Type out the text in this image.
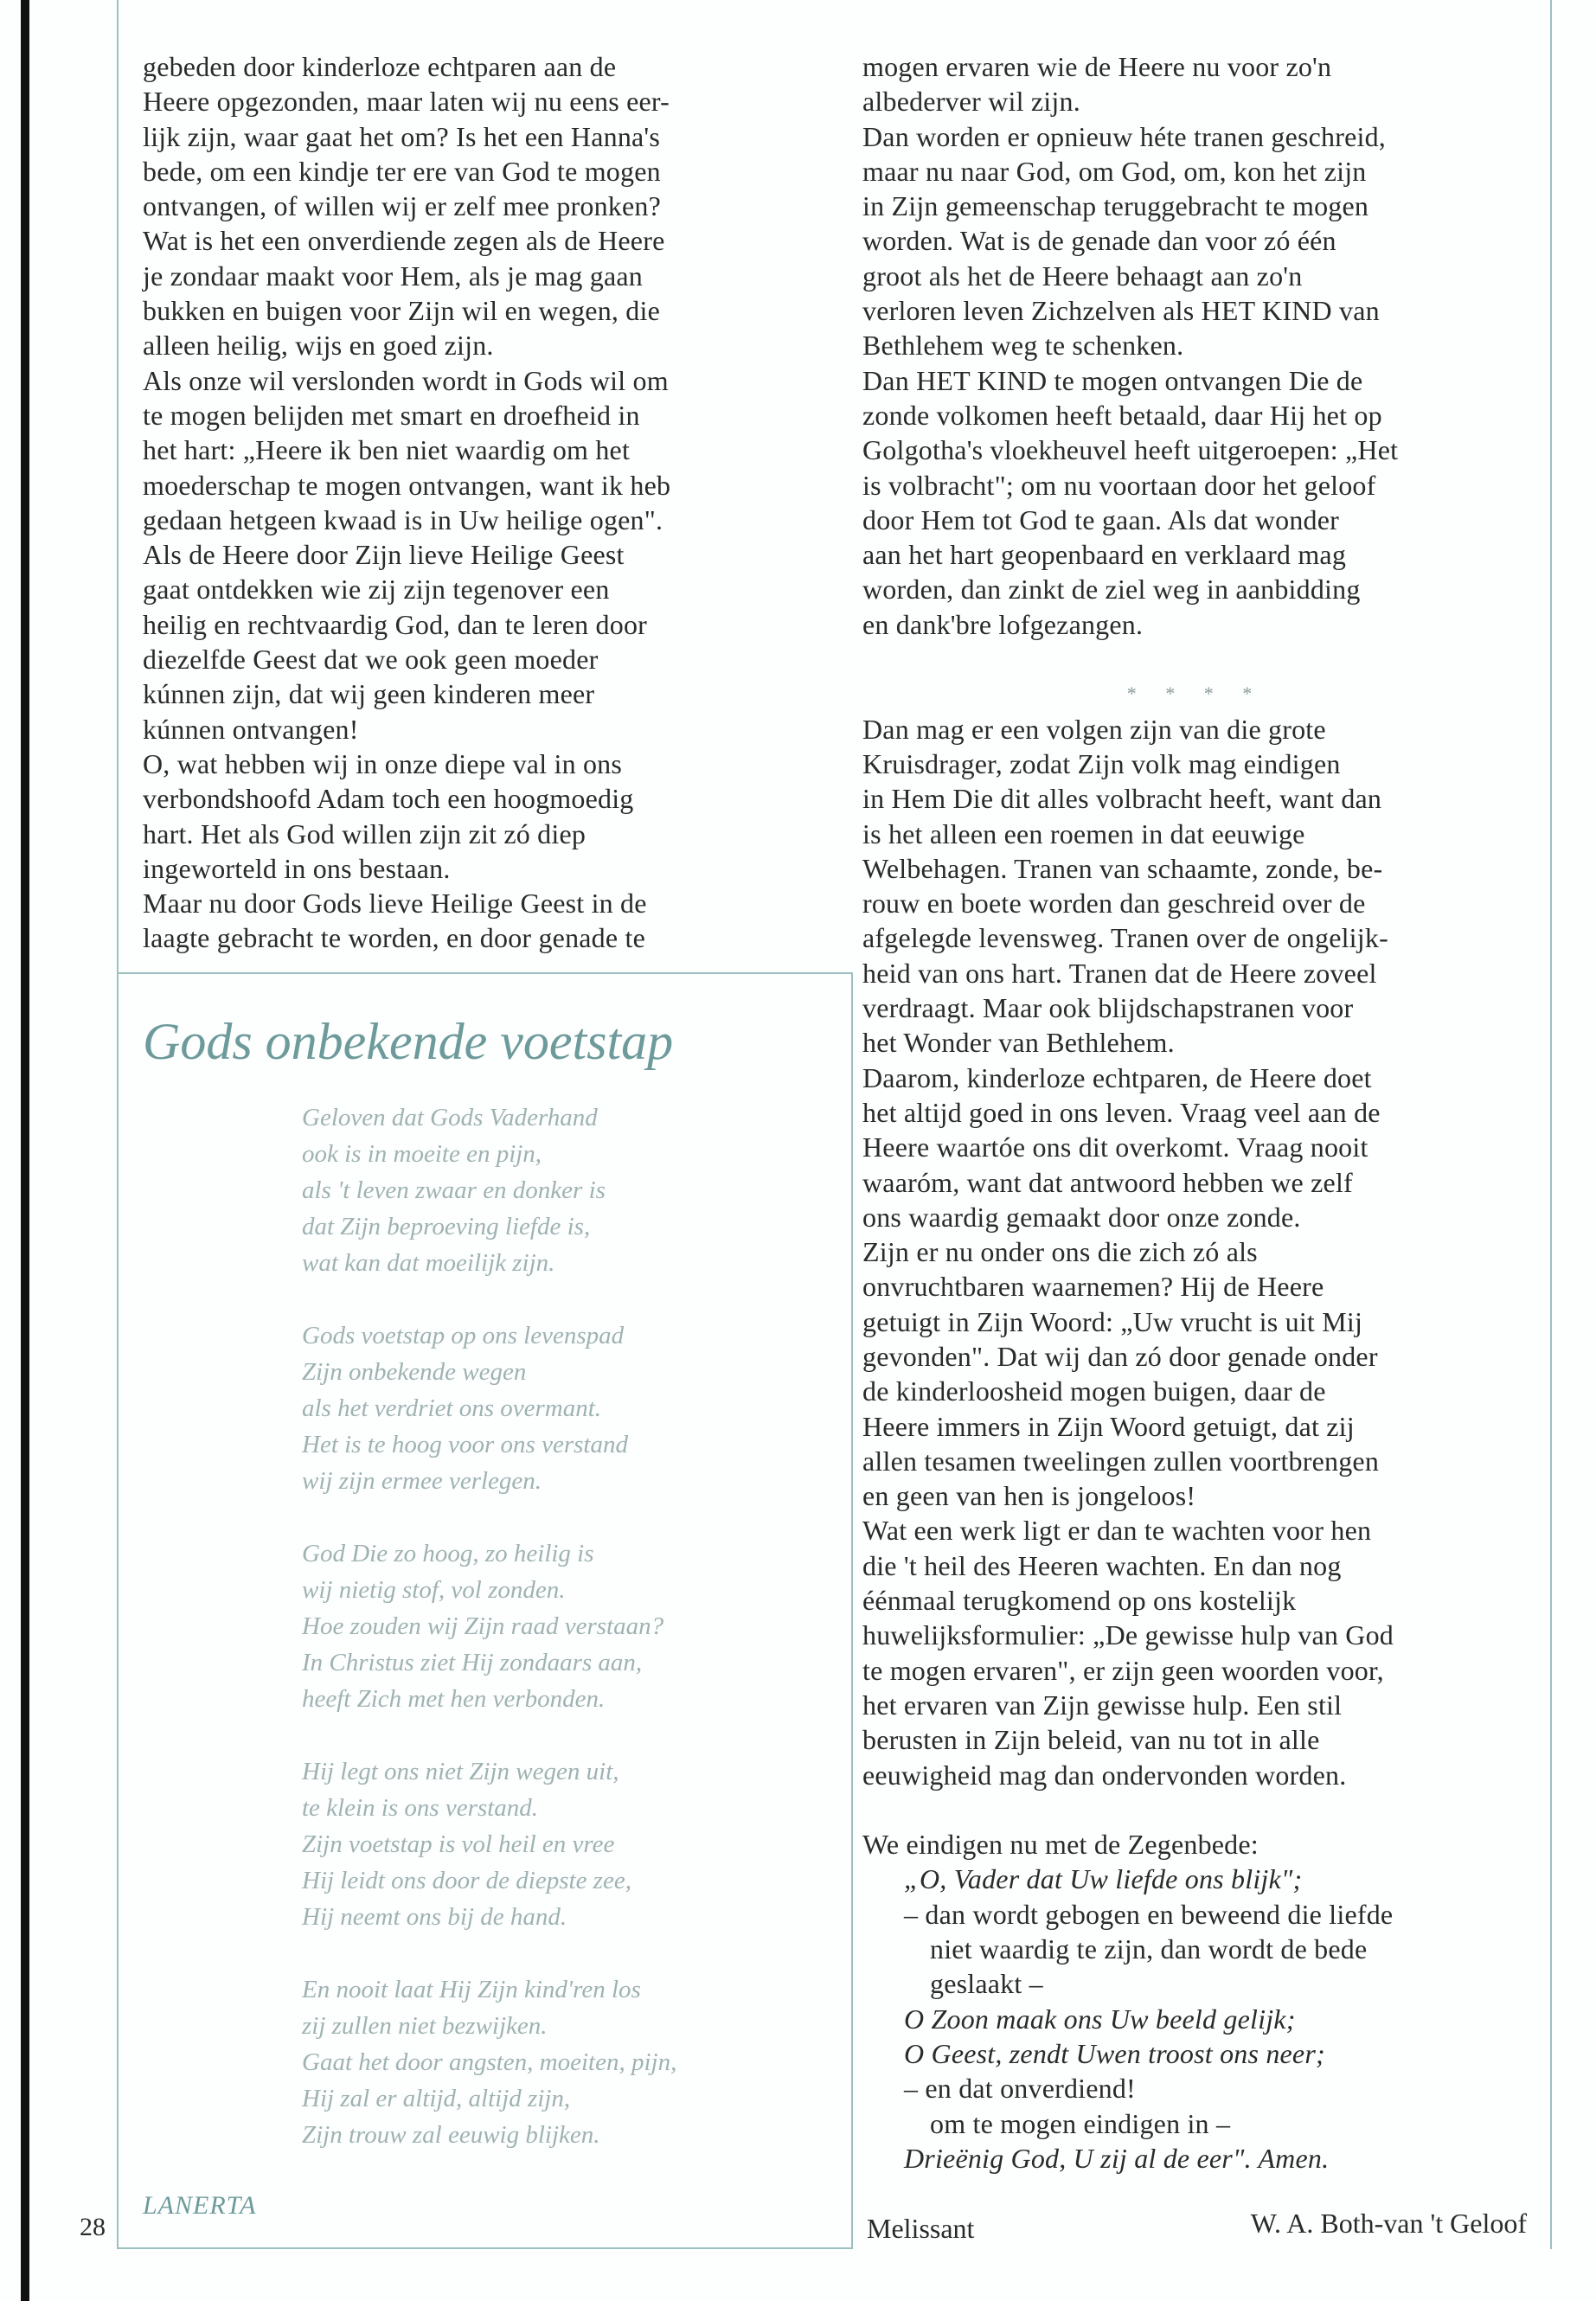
gebeden door kinderloze echtparen aan de
Heere opgezonden, maar laten wij nu eens eer-
lijk zijn, waar gaat het om? Is het een Hanna's
bede, om een kindje ter ere van God te mogen
ontvangen, of willen wij er zelf mee pronken?
Wat is het een onverdiende zegen als de Heere
je zondaar maakt voor Hem, als je mag gaan
bukken en buigen voor Zijn wil en wegen, die
alleen heilig, wijs en goed zijn.
Als onze wil verslonden wordt in Gods wil om
te mogen belijden met smart en droefheid in
het hart: „Heere ik ben niet waardig om het
moederschap te mogen ontvangen, want ik heb
gedaan hetgeen kwaad is in Uw heilige ogen".
Als de Heere door Zijn lieve Heilige Geest
gaat ontdekken wie zij zijn tegenover een
heilig en rechtvaardig God, dan te leren door
diezelfde Geest dat we ook geen moeder
kúnnen zijn, dat wij geen kinderen meer
kúnnen ontvangen!
O, wat hebben wij in onze diepe val in ons
verbondshoofd Adam toch een hoogmoedig
hart. Het als God willen zijn zit zó diep
ingeworteld in ons bestaan.
Maar nu door Gods lieve Heilige Geest in de
laagte gebracht te worden, en door genade te
mogen ervaren wie de Heere nu voor zo'n
albederver wil zijn.
Dan worden er opnieuw héte tranen geschreid,
maar nu naar God, om God, om, kon het zijn
in Zijn gemeenschap teruggebracht te mogen
worden. Wat is de genade dan voor zó één
groot als het de Heere behaagt aan zo'n
verloren leven Zichzelven als HET KIND van
Bethlehem weg te schenken.
Dan HET KIND te mogen ontvangen Die de
zonde volkomen heeft betaald, daar Hij het op
Golgotha's vloekheuvel heeft uitgeroepen: „Het
is volbracht"; om nu voortaan door het geloof
door Hem tot God te gaan. Als dat wonder
aan het hart geopenbaard en verklaard mag
worden, dan zinkt de ziel weg in aanbidding
en dank'bre lofgezangen.
* * * *
Dan mag er een volgen zijn van die grote
Kruisdrager, zodat Zijn volk mag eindigen
in Hem Die dit alles volbracht heeft, want dan
is het alleen een roemen in dat eeuwige
Welbehagen. Tranen van schaamte, zonde, be-
rouw en boete worden dan geschreid over de
afgelegde levensweg. Tranen over de ongelijk-
heid van ons hart. Tranen dat de Heere zoveel
verdraagt. Maar ook blijdschapstranen voor
het Wonder van Bethlehem.
Daarom, kinderloze echtparen, de Heere doet
het altijd goed in ons leven. Vraag veel aan de
Heere waartóe ons dit overkomt. Vraag nooit
waaróm, want dat antwoord hebben we zelf
ons waardig gemaakt door onze zonde.
Zijn er nu onder ons die zich zó als
onvruchtbaren waarnemen? Hij de Heere
getuigt in Zijn Woord: „Uw vrucht is uit Mij
gevonden". Dat wij dan zó door genade onder
de kinderloosheid mogen buigen, daar de
Heere immers in Zijn Woord getuigt, dat zij
allen tesamen tweelingen zullen voortbrengen
en geen van hen is jongeloos!
Wat een werk ligt er dan te wachten voor hen
die 't heil des Heeren wachten. En dan nog
éénmaal terugkomend op ons kostelijk
huwelijksformulier: „De gewisse hulp van God
te mogen ervaren", er zijn geen woorden voor,
het ervaren van Zijn gewisse hulp. Een stil
berusten in Zijn beleid, van nu tot in alle
eeuwigheid mag dan ondervonden worden.
We eindigen nu met de Zegenbede:
„O, Vader dat Uw liefde ons blijk";
– dan wordt gebogen en beweend die liefde
niet waardig te zijn, dan wordt de bede
geslaakt –
O Zoon maak ons Uw beeld gelijk;
O Geest, zendt Uwen troost ons neer;
– en dat onverdiend!
om te mogen eindigen in –
Drieënig God, U zij al de eer". Amen.
Gods onbekende voetstap
Geloven dat Gods Vaderhand
ook is in moeite en pijn,
als 't leven zwaar en donker is
dat Zijn beproeving liefde is,
wat kan dat moeilijk zijn.
Gods voetstap op ons levenspad
Zijn onbekende wegen
als het verdriet ons overmant.
Het is te hoog voor ons verstand
wij zijn ermee verlegen.
God Die zo hoog, zo heilig is
wij nietig stof, vol zonden.
Hoe zouden wij Zijn raad verstaan?
In Christus ziet Hij zondaars aan,
heeft Zich met hen verbonden.
Hij legt ons niet Zijn wegen uit,
te klein is ons verstand.
Zijn voetstap is vol heil en vree
Hij leidt ons door de diepste zee,
Hij neemt ons bij de hand.
En nooit laat Hij Zijn kind'ren los
zij zullen niet bezwijken.
Gaat het door angsten, moeiten, pijn,
Hij zal er altijd, altijd zijn,
Zijn trouw zal eeuwig blijken.
28
LANERTA
Melissant	W. A. Both-van 't Geloof
